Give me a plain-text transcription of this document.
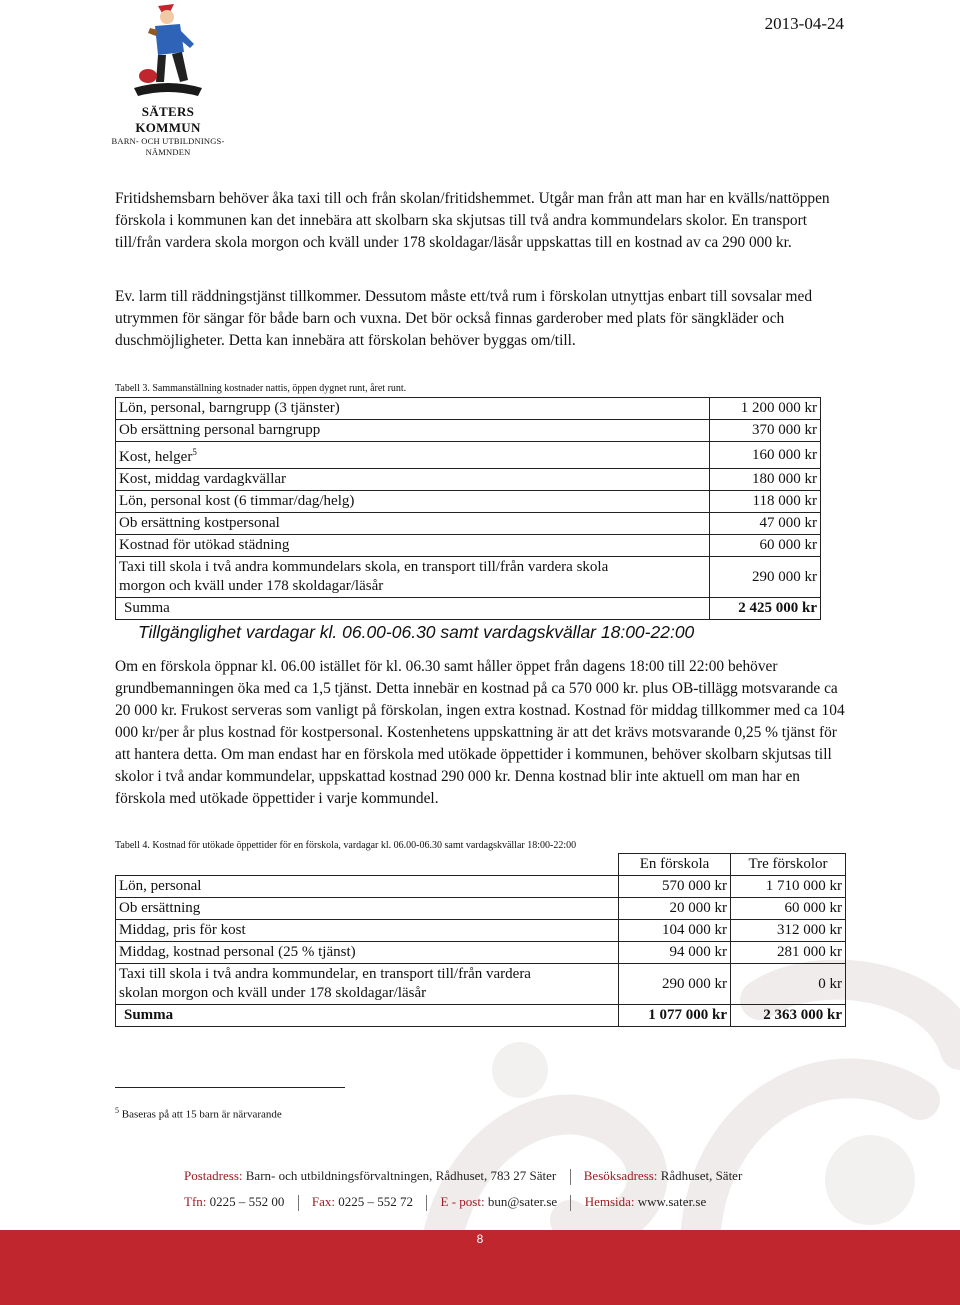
SÄTERS KOMMUN
BARN- OCH UTBILDNINGS-
NÄMNDEN
2013-04-24

Fritidshemsbarn behöver åka taxi till och från skolan/fritidshemmet. Utgår man från att man har en kvälls/nattöppen förskola i kommunen kan det innebära att skolbarn ska skjutsas till två andra kommundelars skolor. En transport till/från vardera skola morgon och kväll under 178 skoldagar/läsår uppskattas till en kostnad av ca 290 000 kr.

Ev. larm till räddningstjänst tillkommer. Dessutom måste ett/två rum i förskolan utnyttjas enbart till sovsalar med utrymmen för sängar för både barn och vuxna. Det bör också finnas garderober med plats för sängkläder och duschmöjligheter. Detta kan innebära att förskolan behöver byggas om/till.

Tabell 3. Sammanställning kostnader nattis, öppen dygnet runt, året runt.
Lön, personal, barngrupp (3 tjänster)	1 200 000 kr
Ob ersättning personal barngrupp	370 000 kr
Kost, helger$^5$	160 000 kr
Kost, middag vardagkvällar	180 000 kr
Lön, personal kost (6 timmar/dag/helg)	118 000 kr
Ob ersättning kostpersonal	47 000 kr
Kostnad för utökad städning	60 000 kr

Taxi till skola i två andra kommundelars skola, en transport till/från vardera skola
morgon och kväll under 178 skoldagar/läsår	290 000 kr
Summa	2 425 000 kr
Tillgänglighet vardagar kl. 06.00-06.30 samt vardagskvällar 18:00-22:00

Om en förskola öppnar kl. 06.00 istället för kl. 06.30 samt håller öppet från dagens 18:00 till 22:00 behöver grundbemanningen öka med ca 1,5 tjänst. Detta innebär en kostnad på ca 570 000 kr. plus OB-tillägg motsvarande ca 20 000 kr. Frukost serveras som vanligt på förskolan, ingen extra kostnad. Kostnad för middag tillkommer med ca 104 000 kr/per år plus kostnad för kostpersonal. Kostenhetens uppskattning är att det krävs motsvarande 0,25 % tjänst för att hantera detta. Om man endast har en förskola med utökade öppettider i kommunen, behöver skolbarn skjutsas till skolor i två andar kommundelar, uppskattad kostnad 290 000 kr. Denna kostnad blir inte aktuell om man har en förskola med utökade öppettider i varje kommundel.

Tabell 4. Kostnad för utökade öppettider för en förskola, vardagar kl. 06.00-06.30 samt vardagskvällar 18:00-22:00
	En förskola	Tre förskolor
Lön, personal	570 000 kr	1 710 000 kr
Ob ersättning	20 000 kr	60 000 kr
Middag, pris för kost	104 000 kr	312 000 kr
Middag, kostnad personal (25 % tjänst)	94 000 kr	281 000 kr

Taxi till skola i två andra kommundelar, en transport till/från vardera
skolan morgon och kväll under 178 skoldagar/läsår	290 000 kr	0 kr
Summa	1 077 000 kr	2 363 000 kr
$^5$ Baseras på att 15 barn är närvarande
Postadress: Barn- och utbildningsförvaltningen, Rådhuset, 783 27 Säter Besöksadress: Rådhuset, Säter
Tfn: 0225 – 552 00 Fax: 0225 – 552 72 E - post: bun@sater.se Hemsida: www.sater.se
8
